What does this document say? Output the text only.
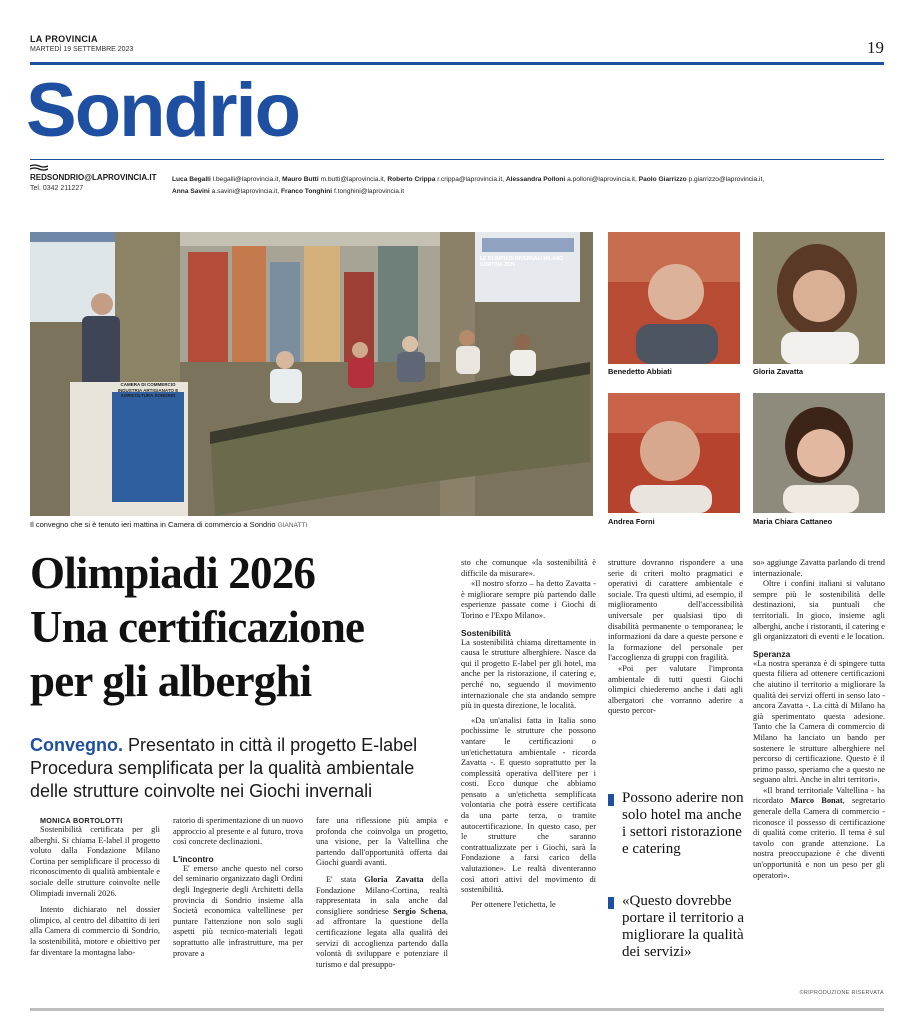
LA PROVINCIA
MARTEDÌ 19 SETTEMBRE 2023	19
Sondrio
REDSONDRIO@LAPROVINCIA.IT
Tel. 0342 211227
Luca Begalli l.begalli@laprovincia.it, Mauro Butti m.butti@laprovincia.it, Roberto Crippa r.crippa@laprovincia.it, Alessandra Polloni a.polloni@laprovincia.it, Paolo Giarrizzo p.giarrizzo@laprovincia.it,
Anna Savini a.savini@laprovincia.it, Franco Tonghini f.tonghini@laprovincia.it
CAMERA DI COMMERCIO INDUSTRIA ARTIGIANATO E AGRICOLTURA SONDRIO
LE OLIMPIADI INVERNALI MILANO CORTINA 2026
Il convegno che si è tenuto ieri mattina in Camera di commercio a Sondrio GIANATTI
Benedetto Abbiati	Gloria Zavatta
Andrea Forni	Maria Chiara Cattaneo
Olimpiadi 2026
Una certificazione
per gli alberghi
Convegno. Presentato in città il progetto E-label
Procedura semplificata per la qualità ambientale
delle strutture coinvolte nei Giochi invernali

MONICA BORTOLOTTI

Sostenibilità certificata per gli alberghi. Si chiama E-label il progetto voluto dalla Fondazione Milano Cortina per semplificare il processo di riconoscimento di qualità ambientale e sociale delle strutture coinvolte nelle Olimpiadi invernali 2026.

Intento dichiarato nel dossier olimpico, al centro del dibattito di ieri alla Camera di commercio di Sondrio, la sostenibilità, motore e obiettivo per far diventare la montagna labo-

ratorio di sperimentazione di un nuovo approccio al presente e al futuro, trova così concrete declinazioni.

L'incontro

E' emerso anche questo nel corso del seminario organizzato dagli Ordini degli Ingegnerie degli Architetti della provincia di Sondrio insieme alla Società economica valtellinese per puntare l'attenzione non solo sugli aspetti più tecnico-materiali legati soprattutto alle infrastrutture, ma per provare a

fare una riflessione più ampia e profonda che coinvolga un progetto, una visione, per la Valtellina che partendo dall'opportunità offerta dai Giochi guardi avanti.

E' stata Gloria Zavatta della Fondazione Milano-Cortina, realtà rappresentata in sala anche dal consigliere sondriese Sergio Schena, ad affrontare la questione della certificazione legata alla qualità dei servizi di accoglienza partendo dalla volontà di sviluppare e potenziare il turismo e dal presuppo-

sto che comunque «la sostenibilità è difficile da misurare».

«Il nostro sforzo – ha detto Zavatta - è migliorare sempre più partendo dalle esperienze passate come i Giochi di Torino e l'Expo Milano».

Sostenibilità

La sostenibilità chiama direttamente in causa le strutture alberghiere. Nasce da qui il progetto E-label per gli hotel, ma anche per la ristorazione, il catering e, perché no, seguendo il movimento internazionale che sta andando sempre più in questa direzione, le località.

«Da un'analisi fatta in Italia sono pochissime le strutture che possono vantare le certificazioni o un'etichettatura ambientale - ricorda Zavatta -. E questo soprattutto per la complessità operativa dell'itere per i costi. Ecco dunque che abbiamo pensato a un'etichetta semplificata volontaria che potrà essere certificata da una parte terza, o tramite autocertificazione. In questo caso, per le strutture che saranno contrattualizzate per i Giochi, sarà la Fondazione a farsi carico della valutazione». Le realtà diventeranno così attori attivi del movimento di sostenibilità.

Per ottenere l'etichetta, le

strutture dovranno rispondere a una serie di criteri molto pragmatici e operativi di carattere ambientale e sociale. Tra questi ultimi, ad esempio, il miglioramento dell'accessibilità universale per qualsiasi tipo di disabilità permanente o temporanea; le informazioni da dare a queste persone e la formazione del personale per l'accoglienza di gruppi con fragilità.

«Poi per valutare l'impronta ambientale di tutti questi Giochi olimpici chiederemo anche i dati agli albergatori che vorranno aderire a questo percor-

Possono aderire non solo hotel ma anche i settori ristorazione e catering
«Questo dovrebbe portare il territorio a migliorare la qualità dei servizi»

so» aggiunge Zavatta parlando di trend internazionale.

Oltre i confini italiani si valutano sempre più le sostenibilità delle destinazioni, sia puntuali che territoriali. In gioco, insieme agli alberghi, anche i ristoranti, il catering e gli organizzatori di eventi e le location.

Speranza

«La nostra speranza è di spingere tutta questa filiera ad ottenere certificazioni che aiutino il territorio a migliorare la qualità dei servizi offerti in senso lato - ancora Zavatta -. La città di Milano ha già sperimentato questa adesione. Tanto che la Camera di commercio di Milano ha lanciato un bando per sostenere le strutture alberghiere nel percorso di certificazione. Questo è il primo passo, speriamo che a questo ne seguano altri. Anche in altri territori».

«Il brand territoriale Valtellina - ha ricordato Marco Bonat, segretario generale della Camera di commercio - riconosce il possesso di certificazione di qualità come criterio. Il tema è sul tavolo con grande attenzione. La nostra preoccupazione è che diventi un'opportunità e non un peso per gli operatori».

©RIPRODUZIONE RISERVATA
